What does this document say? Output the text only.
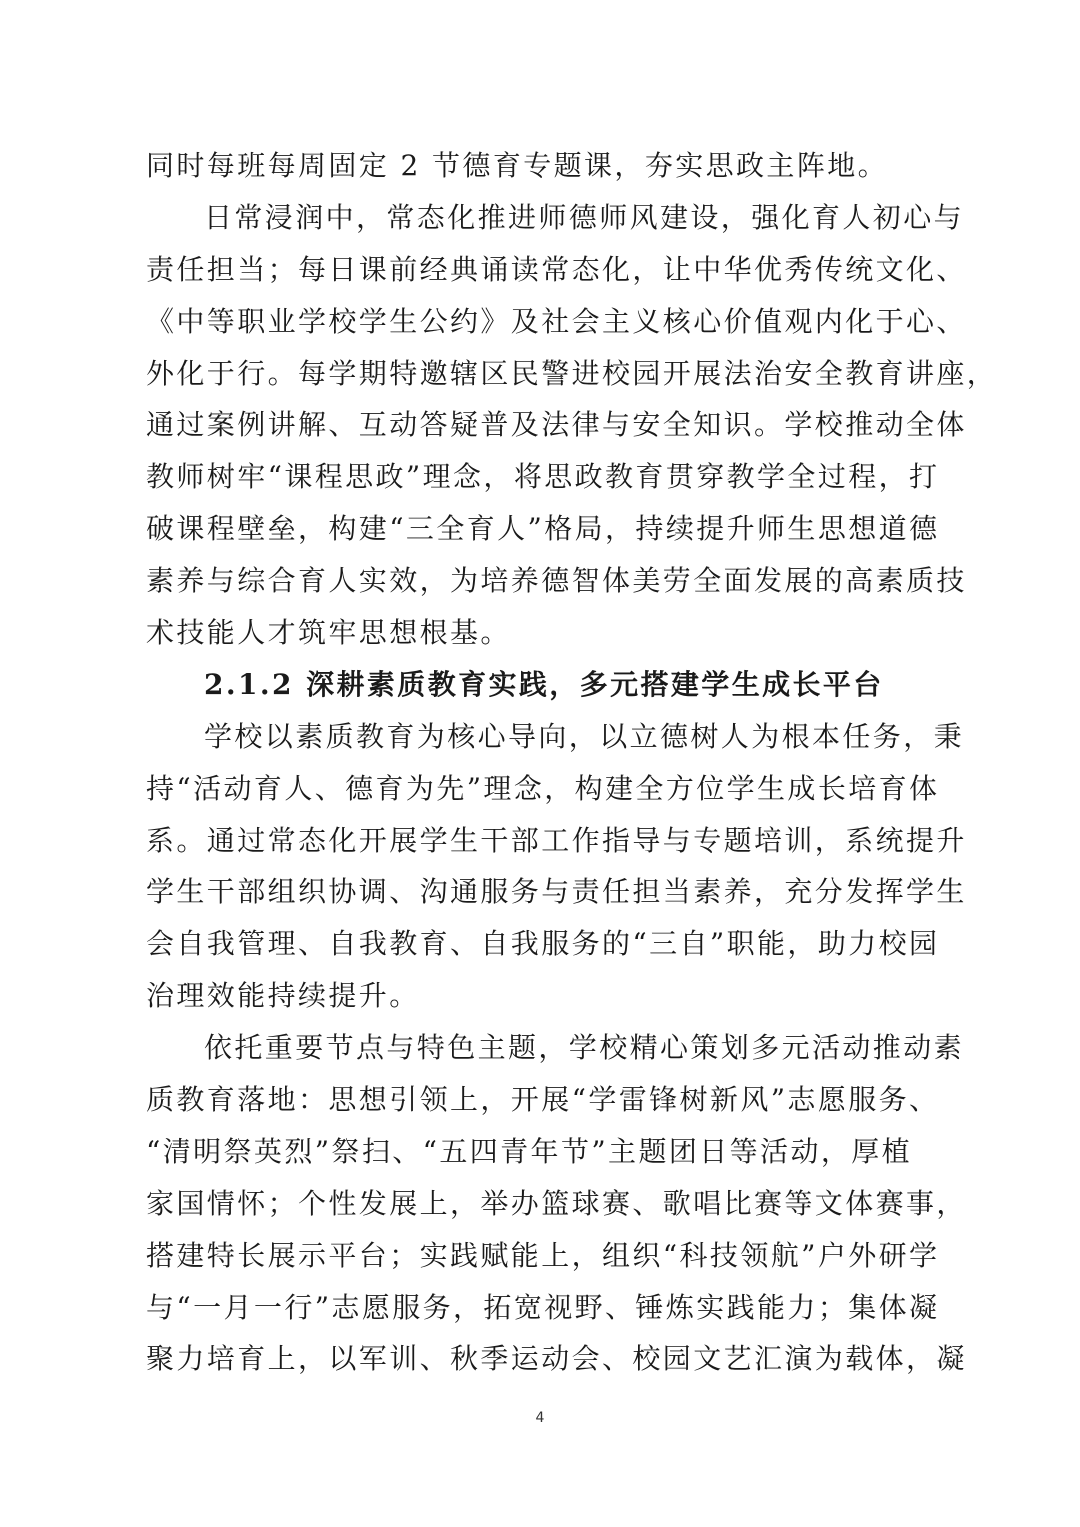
同时每班每周固定 2 节德育专题课，夯实思政主阵地。
日常浸润中，常态化推进师德师风建设，强化育人初心与
责任担当；每日课前经典诵读常态化，让中华优秀传统文化、
《中等职业学校学生公约》及社会主义核心价值观内化于心、
外化于行。每学期特邀辖区民警进校园开展法治安全教育讲座，
通过案例讲解、互动答疑普及法律与安全知识。学校推动全体
教师树牢“课程思政”理念，将思政教育贯穿教学全过程，打
破课程壁垒，构建“三全育人”格局，持续提升师生思想道德
素养与综合育人实效，为培养德智体美劳全面发展的高素质技
术技能人才筑牢思想根基。
2.1.2 深耕素质教育实践，多元搭建学生成长平台
学校以素质教育为核心导向，以立德树人为根本任务，秉
持“活动育人、德育为先”理念，构建全方位学生成长培育体
系。通过常态化开展学生干部工作指导与专题培训，系统提升
学生干部组织协调、沟通服务与责任担当素养，充分发挥学生
会自我管理、自我教育、自我服务的“三自”职能，助力校园
治理效能持续提升。
依托重要节点与特色主题，学校精心策划多元活动推动素
质教育落地：思想引领上，开展“学雷锋树新风”志愿服务、
“清明祭英烈”祭扫、“五四青年节”主题团日等活动，厚植
家国情怀；个性发展上，举办篮球赛、歌唱比赛等文体赛事，
搭建特长展示平台；实践赋能上，组织“科技领航”户外研学
与“一月一行”志愿服务，拓宽视野、锤炼实践能力；集体凝
聚力培育上，以军训、秋季运动会、校园文艺汇演为载体，凝
4
